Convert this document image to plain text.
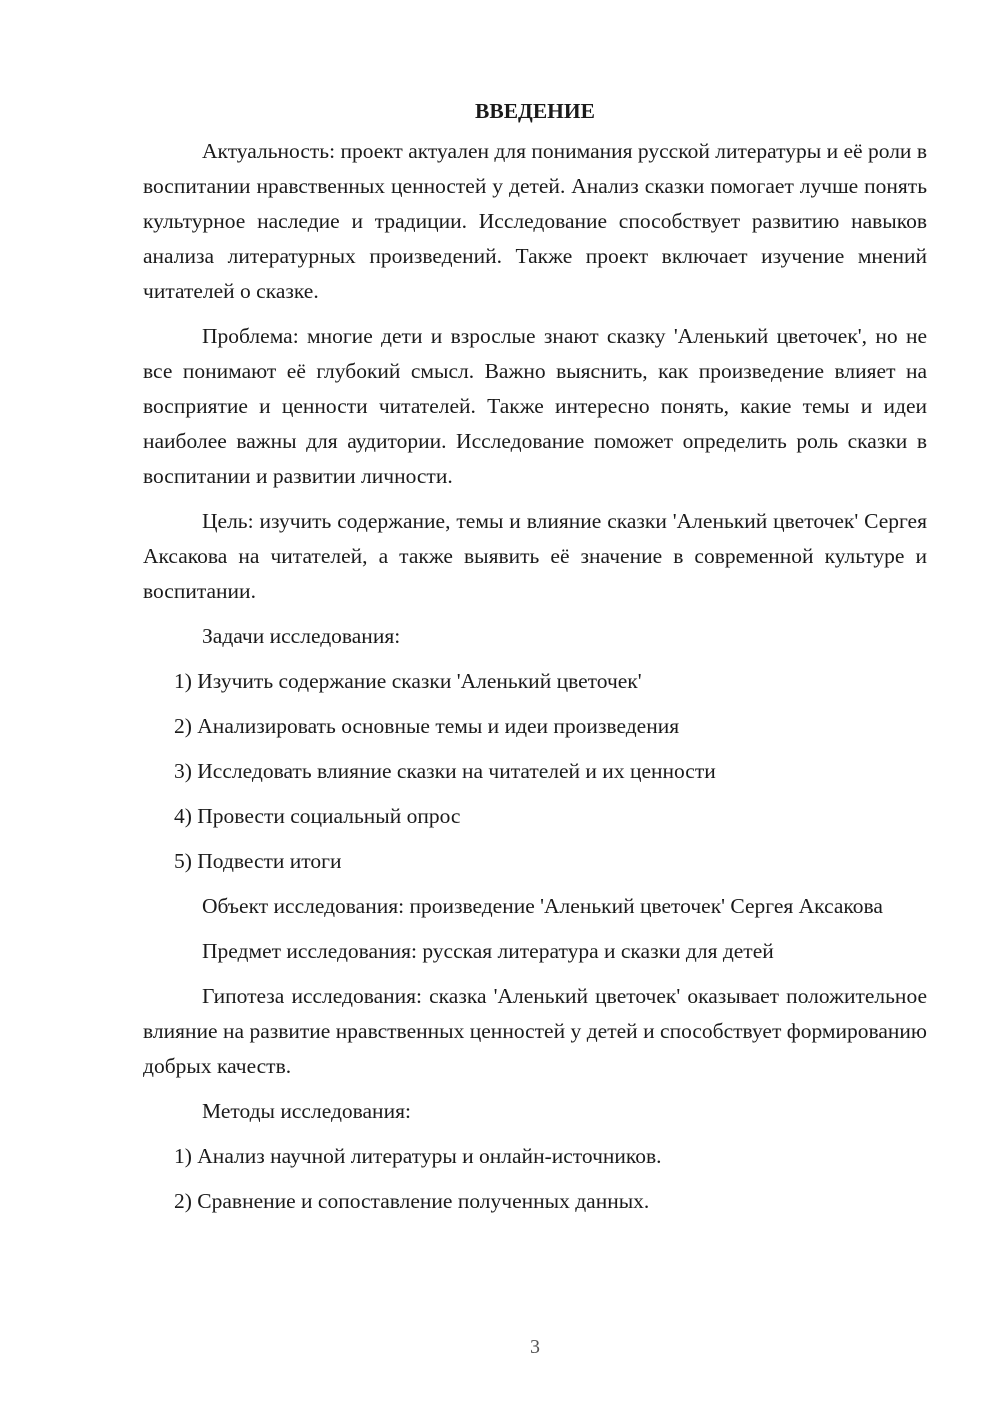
ВВЕДЕНИЕ

Актуальность: проект актуален для понимания русской литературы и её роли в воспитании нравственных ценностей у детей. Анализ сказки помогает лучше понять культурное наследие и традиции. Исследование способствует развитию навыков анализа литературных произведений. Также проект включает изучение мнений читателей о сказке.

Проблема: многие дети и взрослые знают сказку 'Аленький цветочек', но не все понимают её глубокий смысл. Важно выяснить, как произведение влияет на восприятие и ценности читателей. Также интересно понять, какие темы и идеи наиболее важны для аудитории. Исследование поможет определить роль сказки в воспитании и развитии личности.

Цель: изучить содержание, темы и влияние сказки 'Аленький цветочек' Сергея Аксакова на читателей, а также выявить её значение в современной культуре и воспитании.

Задачи исследования:

1) Изучить содержание сказки 'Аленький цветочек'

2) Анализировать основные темы и идеи произведения

3) Исследовать влияние сказки на читателей и их ценности

4) Провести социальный опрос

5) Подвести итоги

Объект исследования: произведение 'Аленький цветочек' Сергея Аксакова

Предмет исследования: русская литература и сказки для детей

Гипотеза исследования: сказка 'Аленький цветочек' оказывает положительное влияние на развитие нравственных ценностей у детей и способствует формированию добрых качеств.

Методы исследования:

1) Анализ научной литературы и онлайн-источников.

2) Сравнение и сопоставление полученных данных.

3
